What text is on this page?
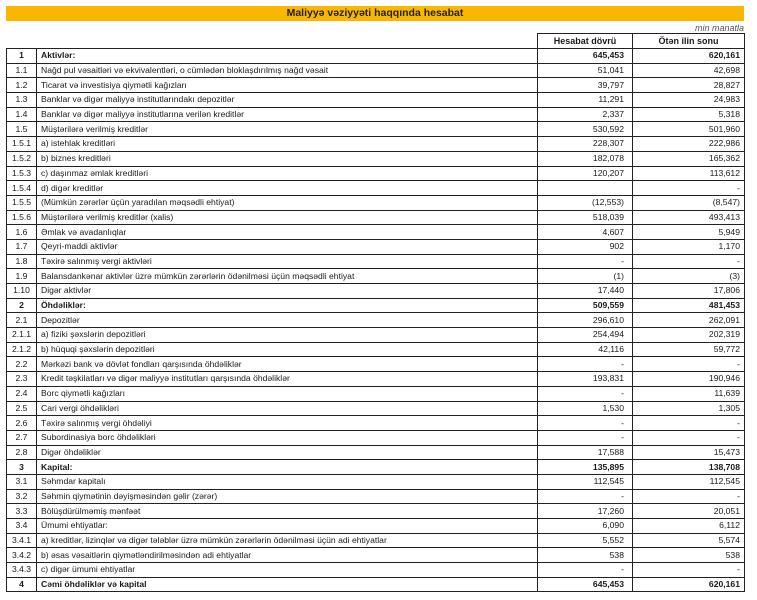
Maliyyə vəziyyəti haqqında hesabat
min manatla
		Hesabat dövrü	Ötən ilin sonu
1	Aktivlər:	645,453	620,161
1.1	Nağd pul vəsaitləri və ekvivalentləri, o cümlədən bloklaşdırılmış nağd vəsait	51,041	42,698
1.2	Ticarət və investisiya qiymətli kağızları	39,797	28,827
1.3	Banklar və digər maliyyə institutlarındakı depozitlər	11,291	24,983
1.4	Banklar və digər maliyyə institutlarına verilən kreditlər	2,337	5,318
1.5	Müştərilərə verilmiş kreditlər	530,592	501,960
1.5.1	a) istehlak kreditləri	228,307	222,986
1.5.2	b) biznes kreditləri	182,078	165,362
1.5.3	c) daşınmaz əmlak kreditləri	120,207	113,612
1.5.4	d) digər kreditlər		-
1.5.5	(Mümkün zərərlər üçün yaradılan məqsədli ehtiyat)	(12,553)	(8,547)
1.5.6	Müştərilərə verilmiş kreditlər (xalis)	518,039	493,413
1.6	Əmlak və avadanlıqlar	4,607	5,949
1.7	Qeyri-maddi aktivlər	902	1,170
1.8	Təxirə salınmış vergi aktivləri	-	-
1.9	Balansdankənar aktivlər üzrə mümkün zərərlərin ödənilməsi üçün məqsədli ehtiyat	(1)	(3)
1.10	Digər aktivlər	17,440	17,806
2	Öhdəliklər:	509,559	481,453
2.1	Depozitlər	296,610	262,091
2.1.1	a) fiziki şəxslərin depozitləri	254,494	202,319
2.1.2	b) hüquqi şəxslərin depozitləri	42,116	59,772
2.2	Mərkəzi bank və dövlət fondları qarşısında öhdəliklər	-	-
2.3	Kredit təşkilatları və digər maliyyə institutları qarşısında öhdəliklər	193,831	190,946
2.4	Borc qiymətli kağızları	-	11,639
2.5	Cari vergi öhdəlikləri	1,530	1,305
2.6	Təxirə salınmış vergi öhdəliyi	-	-
2.7	Subordinasiya borc öhdəlikləri	-	-
2.8	Digər öhdəliklər	17,588	15,473
3	Kapital:	135,895	138,708
3.1	Səhmdar kapitalı	112,545	112,545
3.2	Səhmin qiymətinin dəyişməsindən gəlir (zərər)	-	-
3.3	Bölüşdürülməmiş mənfəət	17,260	20,051
3.4	Ümumi ehtiyatlar:	6,090	6,112
3.4.1	a) kreditlər, lizinqlər və digər tələblər üzrə mümkün zərərlərin ödənilməsi üçün adi ehtiyatlar	5,552	5,574
3.4.2	b) əsas vəsaitlərin qiymətləndirilməsindən adi ehtiyatlar	538	538
3.4.3	c) digər ümumi ehtiyatlar	-	-
4	Cəmi öhdəliklər və kapital	645,453	620,161
